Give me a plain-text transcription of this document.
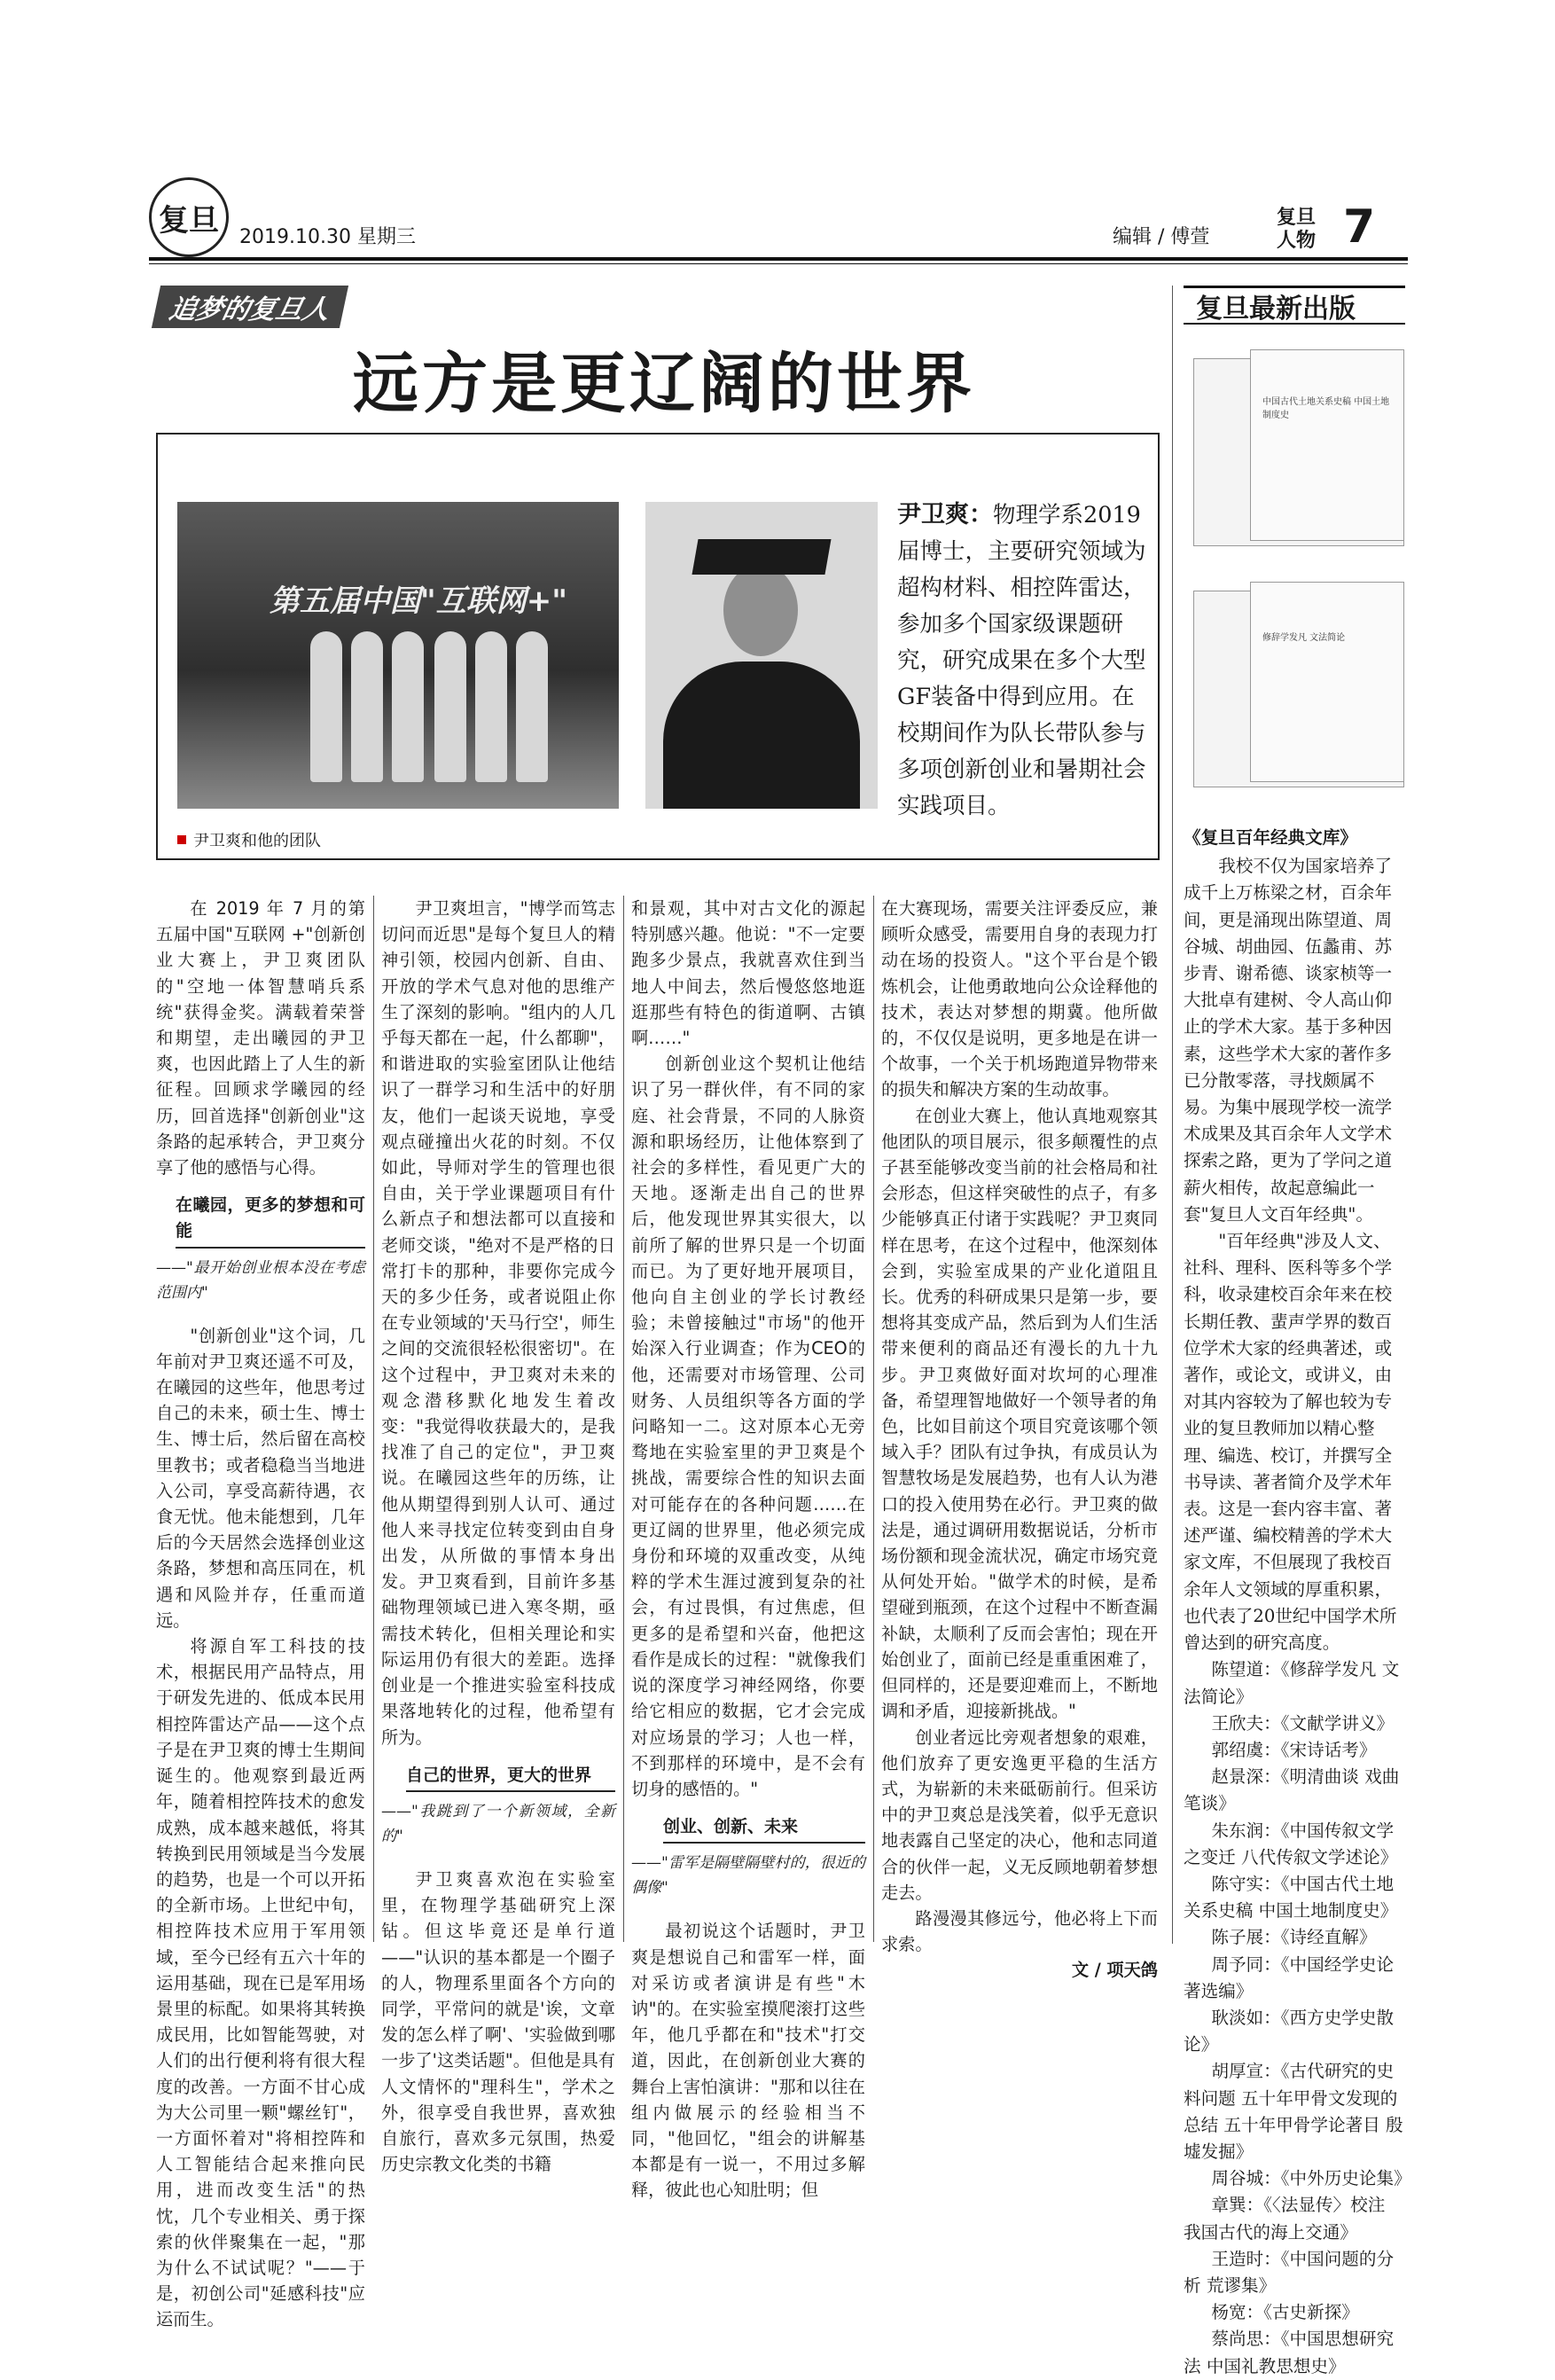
复旦 2019.10.30 星期三	编辑 / 傅萱
复旦 人物 7
追梦的复旦人
远方是更辽阔的世界
第五届中国"互联网+"
尹卫爽和他的团队
尹卫爽：物理学系2019届博士，主要研究领域为超构材料、相控阵雷达，参加多个国家级课题研究，研究成果在多个大型GF装备中得到应用。在校期间作为队长带队参与多项创新创业和暑期社会实践项目。

在 2019 年 7 月的第五届中国"互联网 +"创新创业大赛上，尹卫爽团队的"空地一体智慧哨兵系统"获得金奖。满载着荣誉和期望，走出曦园的尹卫爽，也因此踏上了人生的新征程。回顾求学曦园的经历，回首选择"创新创业"这条路的起承转合，尹卫爽分享了他的感悟与心得。

在曦园，更多的梦想和可能
——"最开始创业根本没在考虑范围内"

"创新创业"这个词，几年前对尹卫爽还遥不可及，在曦园的这些年，他思考过自己的未来，硕士生、博士生、博士后，然后留在高校里教书；或者稳稳当当地进入公司，享受高薪待遇，衣食无忧。他未能想到，几年后的今天居然会选择创业这条路，梦想和高压同在，机遇和风险并存，任重而道远。

将源自军工科技的技术，根据民用产品特点，用于研发先进的、低成本民用相控阵雷达产品——这个点子是在尹卫爽的博士生期间诞生的。他观察到最近两年，随着相控阵技术的愈发成熟，成本越来越低，将其转换到民用领域是当今发展的趋势，也是一个可以开拓的全新市场。上世纪中旬，相控阵技术应用于军用领域，至今已经有五六十年的运用基础，现在已是军用场景里的标配。如果将其转换成民用，比如智能驾驶，对人们的出行便利将有很大程度的改善。一方面不甘心成为大公司里一颗"螺丝钉"，一方面怀着对"将相控阵和人工智能结合起来推向民用，进而改变生活"的热忱，几个专业相关、勇于探索的伙伴聚集在一起，"那为什么不试试呢？"——于是，初创公司"延感科技"应运而生。

尹卫爽坦言，"博学而笃志切问而近思"是每个复旦人的精神引领，校园内创新、自由、开放的学术气息对他的思维产生了深刻的影响。"组内的人几乎每天都在一起，什么都聊"，和谐进取的实验室团队让他结识了一群学习和生活中的好朋友，他们一起谈天说地，享受观点碰撞出火花的时刻。不仅如此，导师对学生的管理也很自由，关于学业课题项目有什么新点子和想法都可以直接和老师交谈，"绝对不是严格的日常打卡的那种，非要你完成今天的多少任务，或者说阻止你在专业领域的'天马行空'，师生之间的交流很轻松很密切"。在这个过程中，尹卫爽对未来的观念潜移默化地发生着改变："我觉得收获最大的，是我找准了自己的定位"，尹卫爽说。在曦园这些年的历练，让他从期望得到别人认可、通过他人来寻找定位转变到由自身出发，从所做的事情本身出发。尹卫爽看到，目前许多基础物理领域已进入寒冬期，亟需技术转化，但相关理论和实际运用仍有很大的差距。选择创业是一个推进实验室科技成果落地转化的过程，他希望有所为。

自己的世界，更大的世界
——"我跳到了一个新领域，全新的"

尹卫爽喜欢泡在实验室里，在物理学基础研究上深钻。但这毕竟还是单行道——"认识的基本都是一个圈子的人，物理系里面各个方向的同学，平常问的就是'诶，文章发的怎么样了啊'、'实验做到哪一步了'这类话题"。但他是具有人文情怀的"理科生"，学术之外，很享受自我世界，喜欢独自旅行，喜欢多元氛围，热爱历史宗教文化类的书籍

和景观，其中对古文化的源起特别感兴趣。他说："不一定要跑多少景点，我就喜欢住到当地人中间去，然后慢悠悠地逛逛那些有特色的街道啊、古镇啊……"

创新创业这个契机让他结识了另一群伙伴，有不同的家庭、社会背景，不同的人脉资源和职场经历，让他体察到了社会的多样性，看见更广大的天地。逐渐走出自己的世界后，他发现世界其实很大，以前所了解的世界只是一个切面而已。为了更好地开展项目，他向自主创业的学长讨教经验；未曾接触过"市场"的他开始深入行业调查；作为CEO的他，还需要对市场管理、公司财务、人员组织等各方面的学问略知一二。这对原本心无旁骛地在实验室里的尹卫爽是个挑战，需要综合性的知识去面对可能存在的各种问题……在更辽阔的世界里，他必须完成身份和环境的双重改变，从纯粹的学术生涯过渡到复杂的社会，有过畏惧，有过焦虑，但更多的是希望和兴奋，他把这看作是成长的过程："就像我们说的深度学习神经网络，你要给它相应的数据，它才会完成对应场景的学习；人也一样，不到那样的环境中，是不会有切身的感悟的。"

创业、创新、未来
——"雷军是隔壁隔壁村的，很近的偶像"

最初说这个话题时，尹卫爽是想说自己和雷军一样，面对采访或者演讲是有些"木讷"的。在实验室摸爬滚打这些年，他几乎都在和"技术"打交道，因此，在创新创业大赛的舞台上害怕演讲："那和以往在组内做展示的经验相当不同，"他回忆，"组会的讲解基本都是有一说一，不用过多解释，彼此也心知肚明；但

在大赛现场，需要关注评委反应，兼顾听众感受，需要用自身的表现力打动在场的投资人。"这个平台是个锻炼机会，让他勇敢地向公众诠释他的技术，表达对梦想的期冀。他所做的，不仅仅是说明，更多地是在讲一个故事，一个关于机场跑道异物带来的损失和解决方案的生动故事。

在创业大赛上，他认真地观察其他团队的项目展示，很多颠覆性的点子甚至能够改变当前的社会格局和社会形态，但这样突破性的点子，有多少能够真正付诸于实践呢？尹卫爽同样在思考，在这个过程中，他深刻体会到，实验室成果的产业化道阻且长。优秀的科研成果只是第一步，要想将其变成产品，然后到为人们生活带来便利的商品还有漫长的九十九步。尹卫爽做好面对坎坷的心理准备，希望理智地做好一个领导者的角色，比如目前这个项目究竟该哪个领域入手？团队有过争执，有成员认为智慧牧场是发展趋势，也有人认为港口的投入使用势在必行。尹卫爽的做法是，通过调研用数据说话，分析市场份额和现金流状况，确定市场究竟从何处开始。"做学术的时候，是希望碰到瓶颈，在这个过程中不断查漏补缺，太顺利了反而会害怕；现在开始创业了，面前已经是重重困难了，但同样的，还是要迎难而上，不断地调和矛盾，迎接新挑战。"

创业者远比旁观者想象的艰难，他们放弃了更安逸更平稳的生活方式，为崭新的未来砥砺前行。但采访中的尹卫爽总是浅笑着，似乎无意识地表露自己坚定的决心，他和志同道合的伙伴一起，义无反顾地朝着梦想走去。

路漫漫其修远兮，他必将上下而求索。

文 / 项天鸽
复旦最新出版
中国古代土地关系史稿 中国土地制度史
修辞学发凡 文法简论

《复旦百年经典文库》

我校不仅为国家培养了成千上万栋梁之材，百余年间，更是涌现出陈望道、周谷城、胡曲园、伍蠡甫、苏步青、谢希德、谈家桢等一大批卓有建树、令人高山仰止的学术大家。基于多种因素，这些学术大家的著作多已分散零落，寻找颇属不易。为集中展现学校一流学术成果及其百余年人文学术探索之路，更为了学问之道薪火相传，故起意编此一套"复旦人文百年经典"。

"百年经典"涉及人文、社科、理科、医科等多个学科，收录建校百余年来在校长期任教、蜚声学界的数百位学术大家的经典著述，或著作，或论文，或讲义，由对其内容较为了解也较为专业的复旦教师加以精心整理、编选、校订，并撰写全书导读、著者简介及学术年表。这是一套内容丰富、著述严谨、编校精善的学术大家文库，不但展现了我校百余年人文领域的厚重积累，也代表了20世纪中国学术所曾达到的研究高度。

陈望道：《修辞学发凡 文法简论》
王欣夫：《文献学讲义》
郭绍虞：《宋诗话考》
赵景深：《明清曲谈 戏曲笔谈》
朱东润：《中国传叙文学之变迁 八代传叙文学述论》
陈守实：《中国古代土地关系史稿 中国土地制度史》
陈子展：《诗经直解》
周予同：《中国经学史论著选编》
耿淡如：《西方史学史散论》
胡厚宣：《古代研究的史料问题 五十年甲骨文发现的总结 五十年甲骨学论著目 殷墟发掘》
周谷城：《中外历史论集》
章巽：《〈法显传〉校注 我国古代的海上交通》
王造时：《中国问题的分析 荒谬集》
杨宽：《古史新探》
蔡尚思：《中国思想研究法 中国礼教思想史》
